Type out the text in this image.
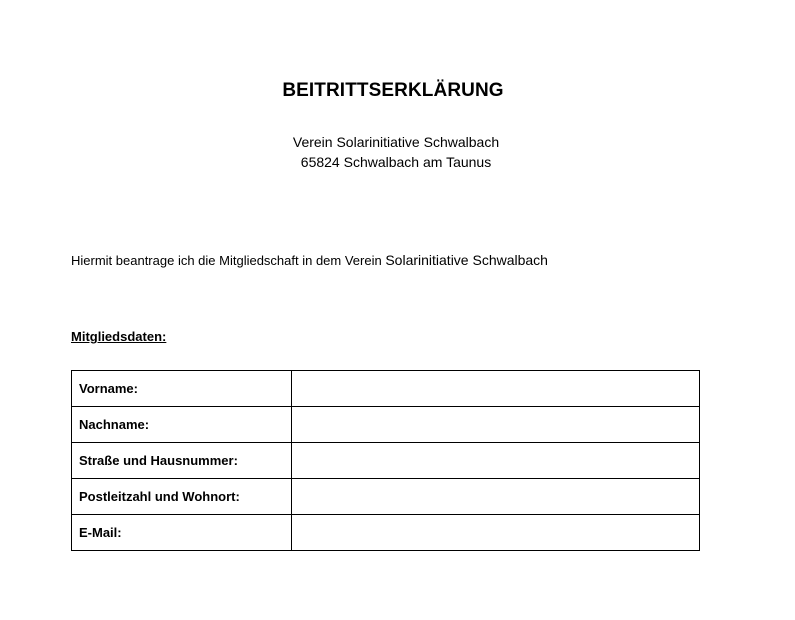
BEITRITTSERKLÄRUNG
Verein Solarinitiative Schwalbach
65824 Schwalbach am Taunus
Hiermit beantrage ich die Mitgliedschaft in dem Verein Solarinitiative Schwalbach
Mitgliedsdaten:
Vorname:	
Nachname:	
Straße und Hausnummer:	
Postleitzahl und Wohnort:	
E-Mail:	
